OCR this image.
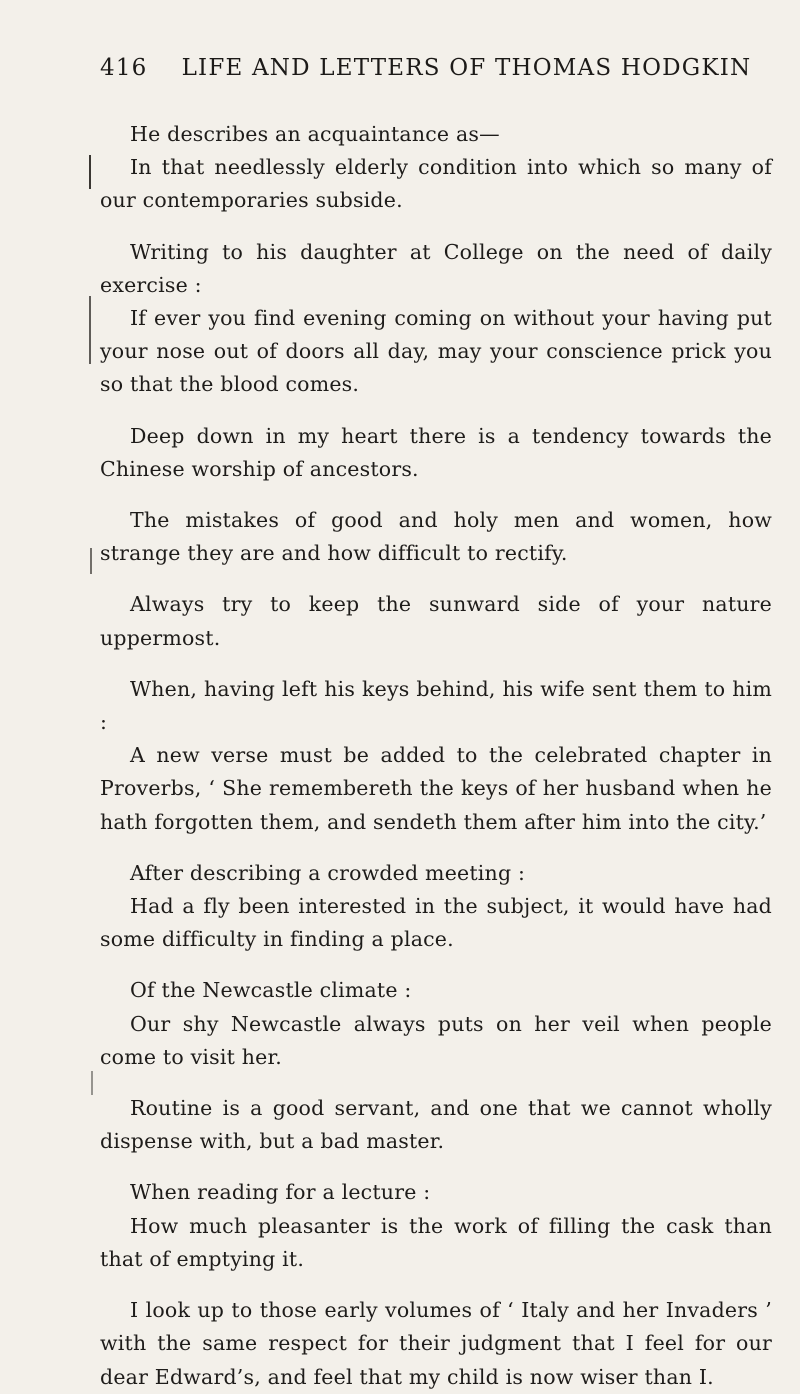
416 LIFE AND LETTERS OF THOMAS HODGKIN

He describes an acquaintance as—

In that needlessly elderly condition into which so many of our contemporaries subside.

Writing to his daughter at College on the need of daily exercise :

If ever you find evening coming on without your having put your nose out of doors all day, may your conscience prick you so that the blood comes.

Deep down in my heart there is a tendency towards the Chinese worship of ancestors.

The mistakes of good and holy men and women, how strange they are and how difficult to rectify.

Always try to keep the sunward side of your nature uppermost.

When, having left his keys behind, his wife sent them to him :

A new verse must be added to the celebrated chapter in Proverbs, ‘ She remembereth the keys of her husband when he hath forgotten them, and sendeth them after him into the city.’

After describing a crowded meeting :

Had a fly been interested in the subject, it would have had some difficulty in finding a place.

Of the Newcastle climate :

Our shy Newcastle always puts on her veil when people come to visit her.

Routine is a good servant, and one that we cannot wholly dispense with, but a bad master.

When reading for a lecture :

How much pleasanter is the work of filling the cask than that of emptying it.

I look up to those early volumes of ‘ Italy and her Invaders ’ with the same respect for their judgment that I feel for our dear Edward’s, and feel that my child is now wiser than I.
